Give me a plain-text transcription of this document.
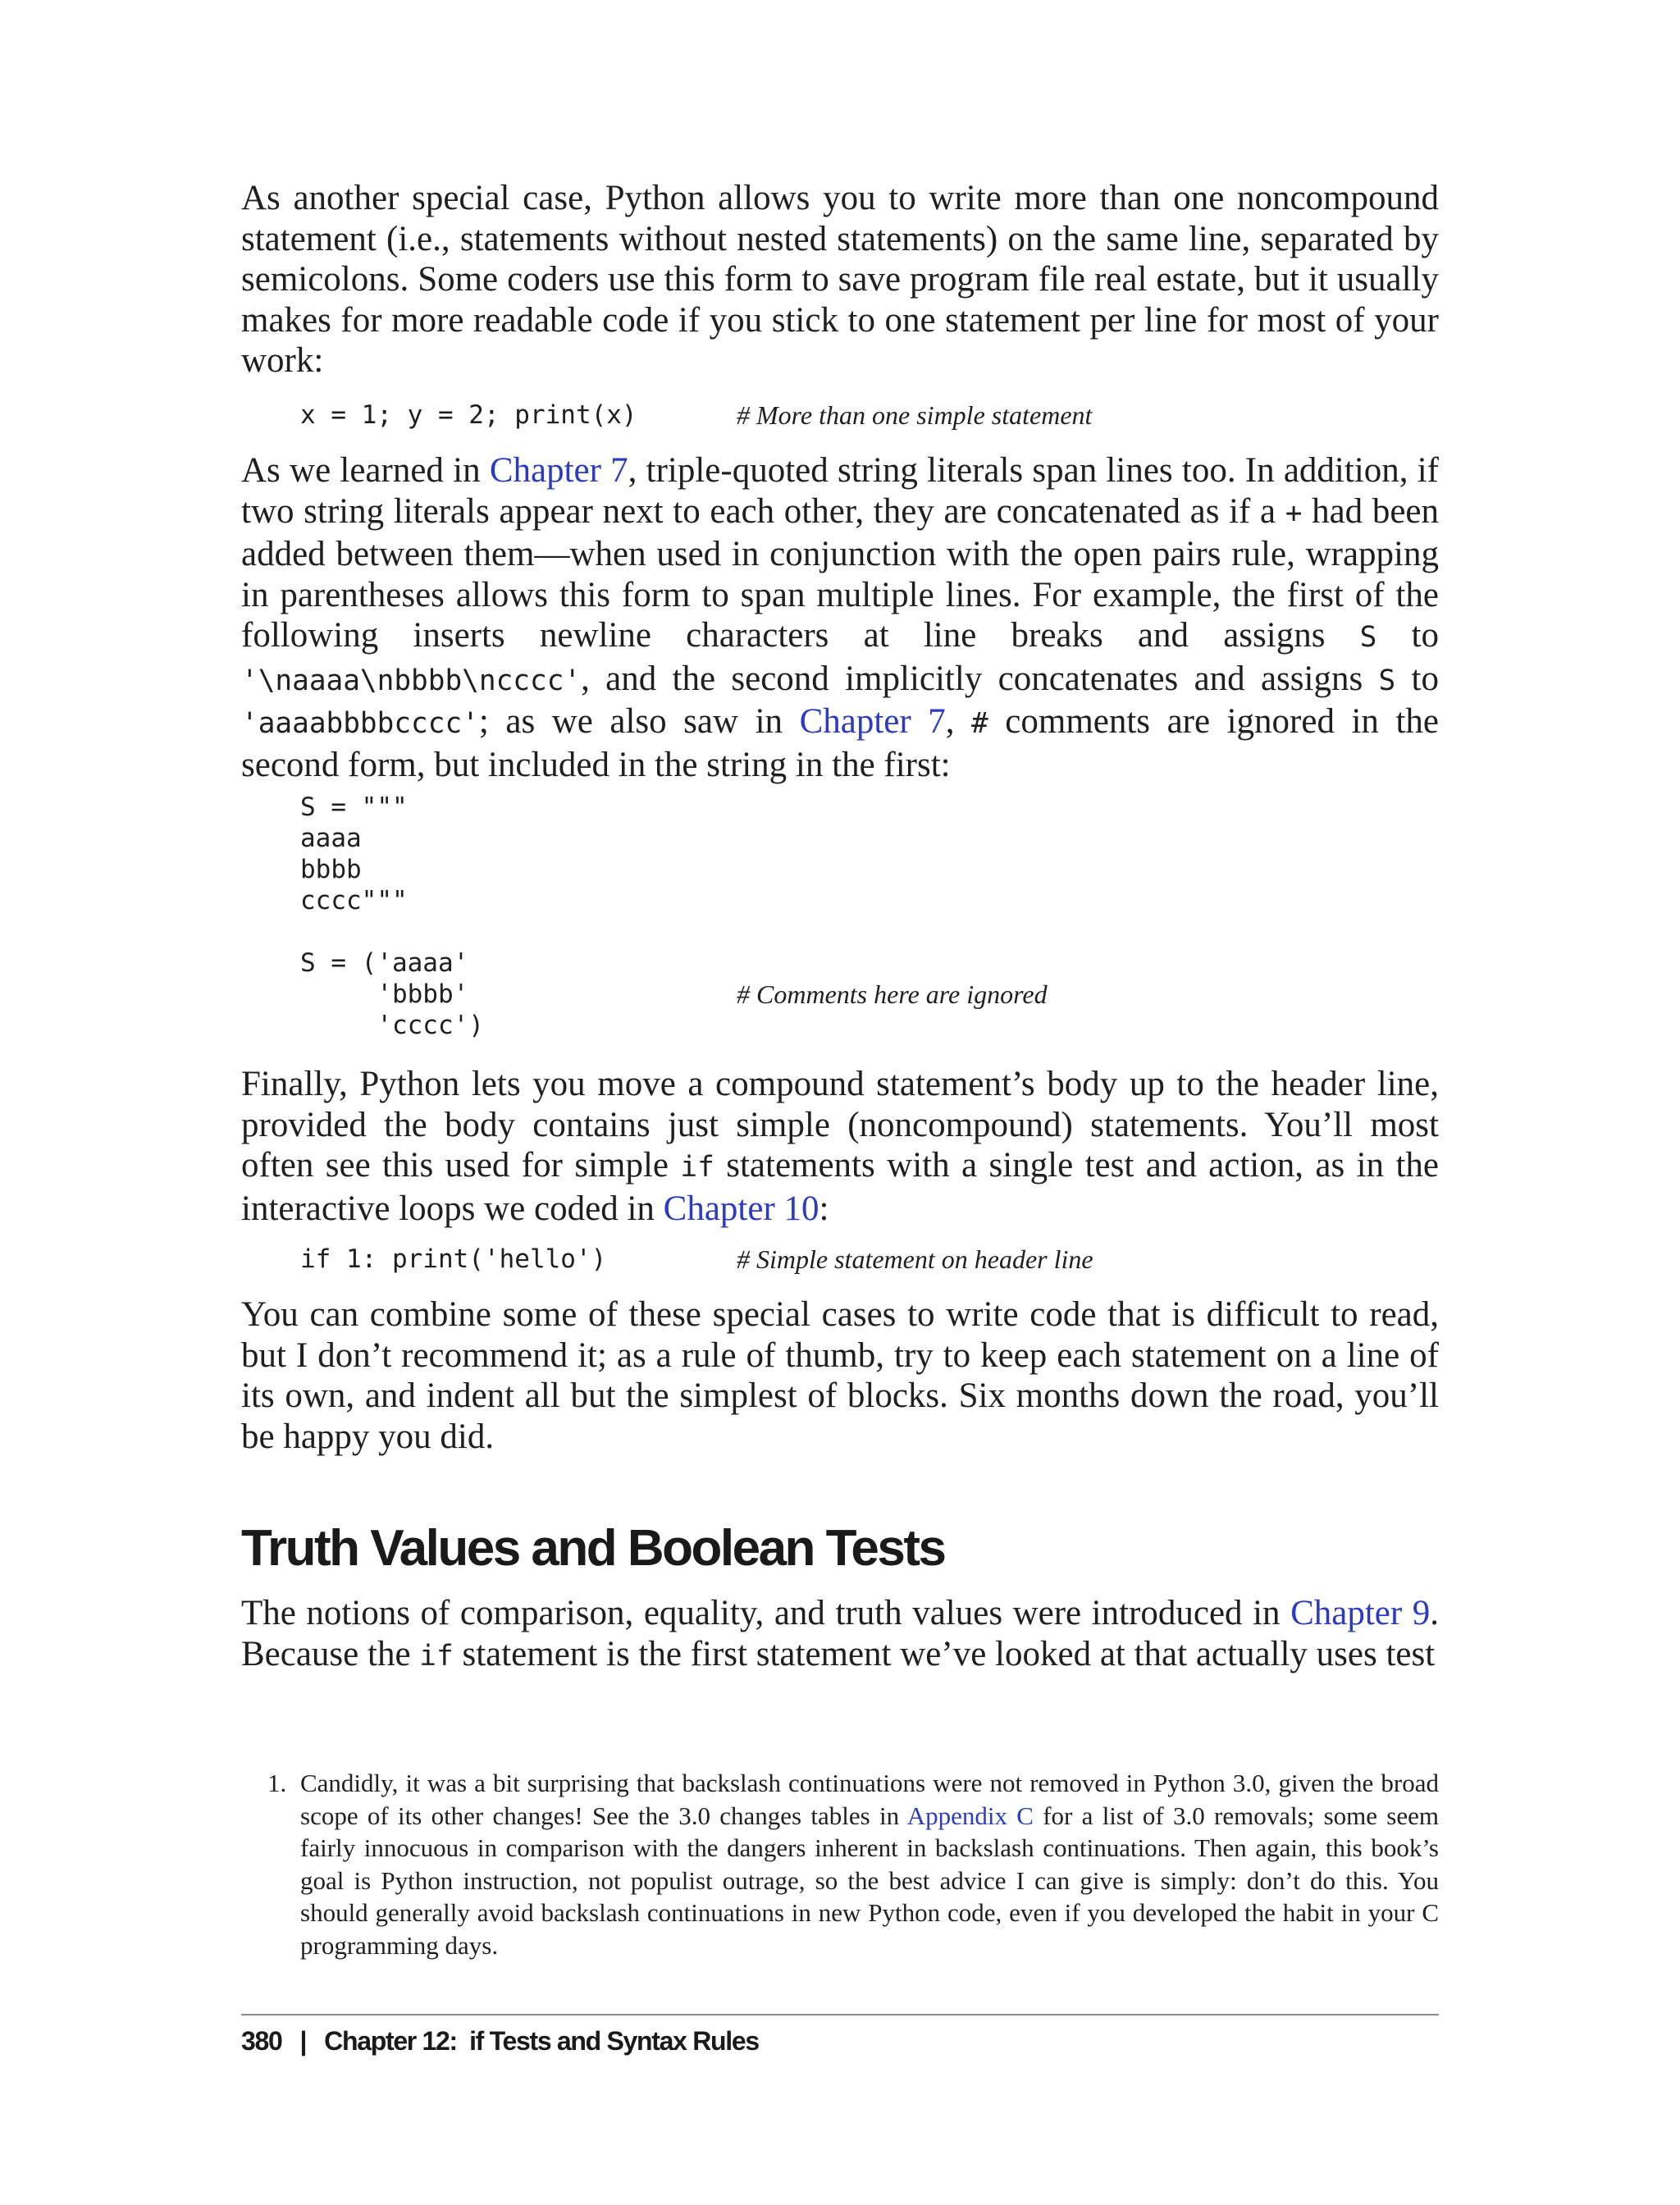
As another special case, Python allows you to write more than one noncompound statement (i.e., statements without nested statements) on the same line, separated by semicolons. Some coders use this form to save program file real estate, but it usually makes for more readable code if you stick to one statement per line for most of your work:

x = 1; y = 2; print(x)	# More than one simple statement

As we learned in Chapter 7, triple-quoted string literals span lines too. In addition, if two string literals appear next to each other, they are concatenated as if a + had been added between them—when used in conjunction with the open pairs rule, wrapping in parentheses allows this form to span multiple lines. For example, the first of the following inserts newline characters at line breaks and assigns S to '\naaaa\nbbbb\ncccc', and the second implicitly concatenates and assigns S to 'aaaabbbbcccc'; as we also saw in Chapter 7, # comments are ignored in the second form, but included in the string in the first:

S = """
aaaa
bbbb
cccc"""
S = ('aaaa'
'bbbb'
'cccc')
# Comments here are ignored

Finally, Python lets you move a compound statement’s body up to the header line, provided the body contains just simple (noncompound) statements. You’ll most often see this used for simple if statements with a single test and action, as in the interactive loops we coded in Chapter 10:

if 1: print('hello')	# Simple statement on header line

You can combine some of these special cases to write code that is difficult to read, but I don’t recommend it; as a rule of thumb, try to keep each statement on a line of its own, and indent all but the simplest of blocks. Six months down the road, you’ll be happy you did.

Truth Values and Boolean Tests

The notions of comparison, equality, and truth values were introduced in Chapter 9. Because the if statement is the first statement we’ve looked at that actually uses test

1. Candidly, it was a bit surprising that backslash continuations were not removed in Python 3.0, given the broad scope of its other changes! See the 3.0 changes tables in Appendix C for a list of 3.0 removals; some seem fairly innocuous in comparison with the dangers inherent in backslash continuations. Then again, this book’s goal is Python instruction, not populist outrage, so the best advice I can give is simply: don’t do this. You should generally avoid backslash continuations in new Python code, even if you developed the habit in your C programming days.

380 | Chapter 12:  if Tests and Syntax Rules
